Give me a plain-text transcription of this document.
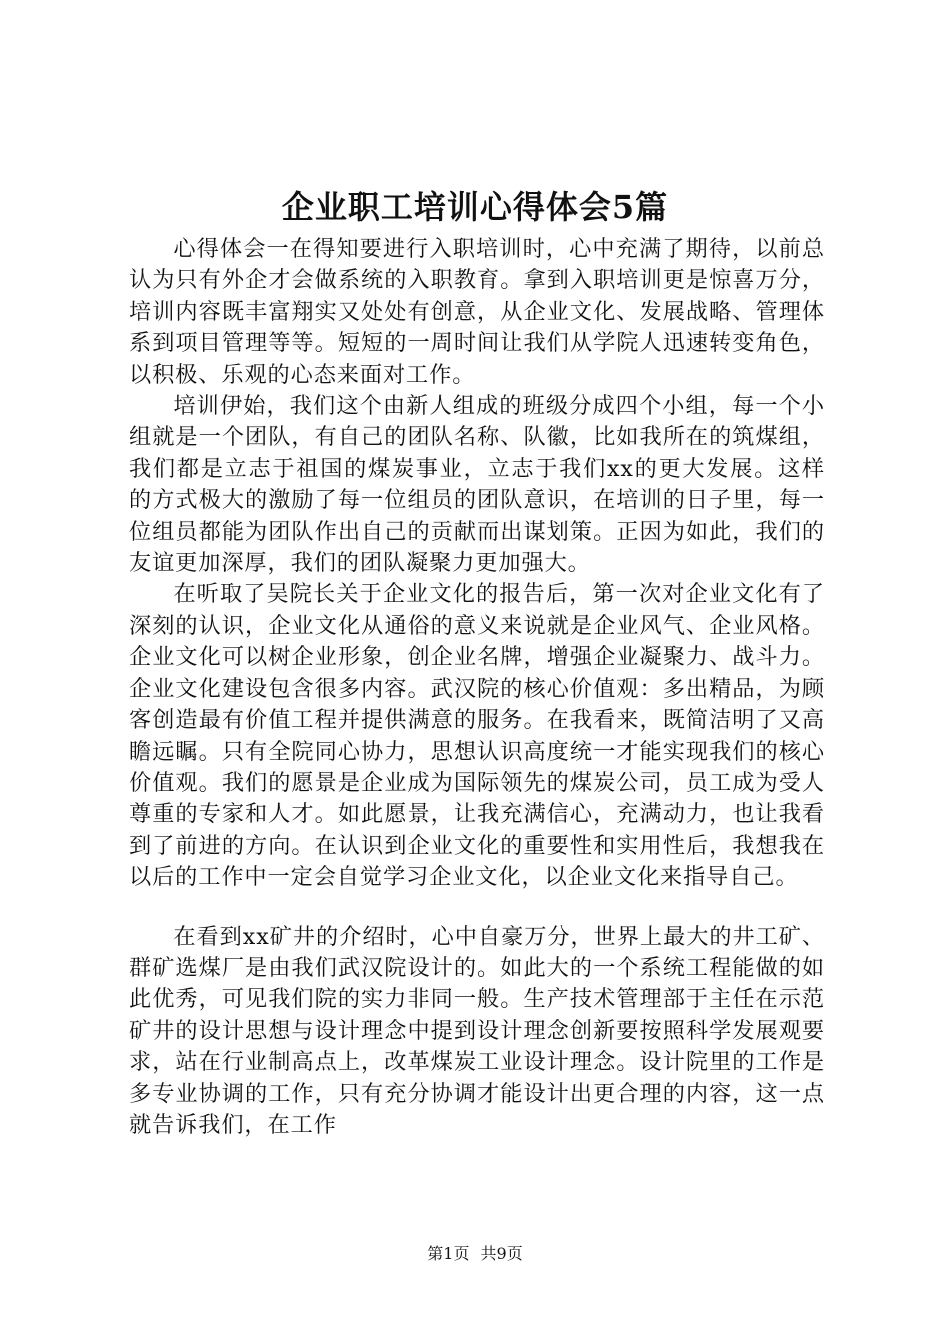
企业职工培训心得体会5篇

心得体会一在得知要进行入职培训时，心中充满了期待，以前总认为只有外企才会做系统的入职教育。拿到入职培训更是惊喜万分，培训内容既丰富翔实又处处有创意，从企业文化、发展战略、管理体系到项目管理等等。短短的一周时间让我们从学院人迅速转变角色，以积极、乐观的心态来面对工作。

培训伊始，我们这个由新人组成的班级分成四个小组，每一个小组就是一个团队，有自己的团队名称、队徽，比如我所在的筑煤组，我们都是立志于祖国的煤炭事业，立志于我们xx的更大发展。这样的方式极大的激励了每一位组员的团队意识，在培训的日子里，每一位组员都能为团队作出自己的贡献而出谋划策。正因为如此，我们的友谊更加深厚，我们的团队凝聚力更加强大。

在听取了吴院长关于企业文化的报告后，第一次对企业文化有了深刻的认识，企业文化从通俗的意义来说就是企业风气、企业风格。企业文化可以树企业形象，创企业名牌，增强企业凝聚力、战斗力。企业文化建设包含很多内容。武汉院的核心价值观：多出精品，为顾客创造最有价值工程并提供满意的服务。在我看来，既简洁明了又高瞻远瞩。只有全院同心协力，思想认识高度统一才能实现我们的核心价值观。我们的愿景是企业成为国际领先的煤炭公司，员工成为受人尊重的专家和人才。如此愿景，让我充满信心，充满动力，也让我看到了前进的方向。在认识到企业文化的重要性和实用性后，我想我在以后的工作中一定会自觉学习企业文化，以企业文化来指导自己。

在看到xx矿井的介绍时，心中自豪万分，世界上最大的井工矿、群矿选煤厂是由我们武汉院设计的。如此大的一个系统工程能做的如此优秀，可见我们院的实力非同一般。生产技术管理部于主任在示范矿井的设计思想与设计理念中提到设计理念创新要按照科学发展观要求，站在行业制高点上，改革煤炭工业设计理念。设计院里的工作是多专业协调的工作，只有充分协调才能设计出更合理的内容，这一点就告诉我们，在工作

第1页 共9页
